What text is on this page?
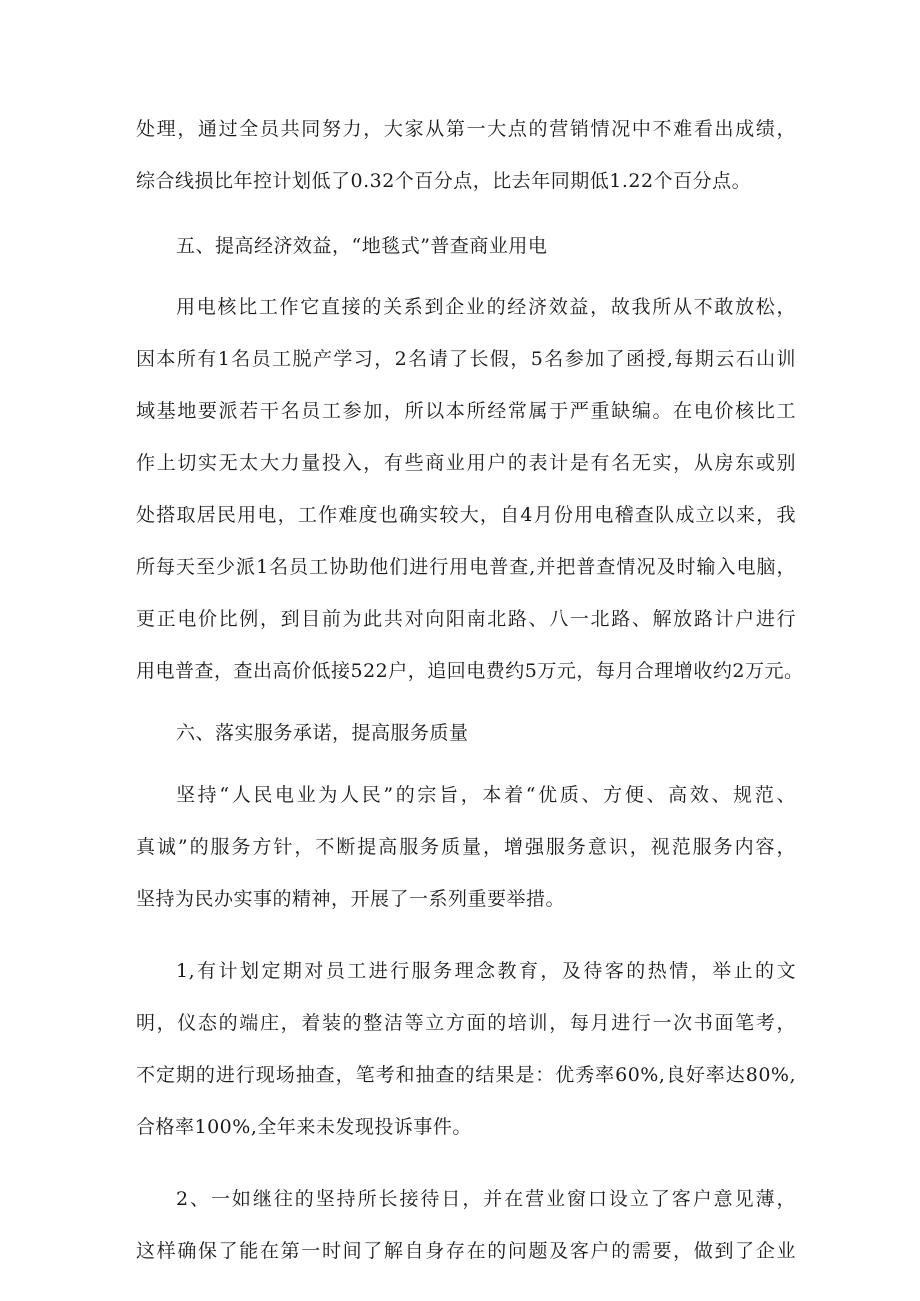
处理，通过全员共同努力，大家从第一大点的营销情况中不难看出成绩，
综合线损比年控计划低了0.32个百分点，比去年同期低1.22个百分点。
五、提高经济效益，“地毯式”普查商业用电
用电核比工作它直接的关系到企业的经济效益，故我所从不敢放松，
因本所有1名员工脱产学习，2名请了长假，5名参加了函授,每期云石山训
域基地要派若干名员工参加，所以本所经常属于严重缺编。在电价核比工
作上切实无太大力量投入，有些商业用户的表计是有名无实，从房东或别
处搭取居民用电，工作难度也确实较大，自4月份用电稽查队成立以来，我
所每天至少派1名员工协助他们进行用电普查,并把普查情况及时输入电脑，
更正电价比例，到目前为此共对向阳南北路、八一北路、解放路计户进行
用电普查，查出高价低接522户，追回电费约5万元，每月合理增收约2万元。
六、落实服务承诺，提高服务质量
坚持“人民电业为人民”的宗旨，本着“优质、方便、高效、规范、
真诚”的服务方针，不断提高服务质量，增强服务意识，视范服务内容，
坚持为民办实事的精神，开展了一系列重要举措。
1,有计划定期对员工进行服务理念教育，及待客的热情，举止的文
明，仪态的端庄，着装的整洁等立方面的培训，每月进行一次书面笔考，
不定期的进行现场抽查，笔考和抽查的结果是：优秀率60%,良好率达80%,
合格率100%,全年来未发现投诉事件。
2、一如继往的坚持所长接待日，并在营业窗口设立了客户意见薄，
这样确保了能在第一时间了解自身存在的问题及客户的需要，做到了企业
